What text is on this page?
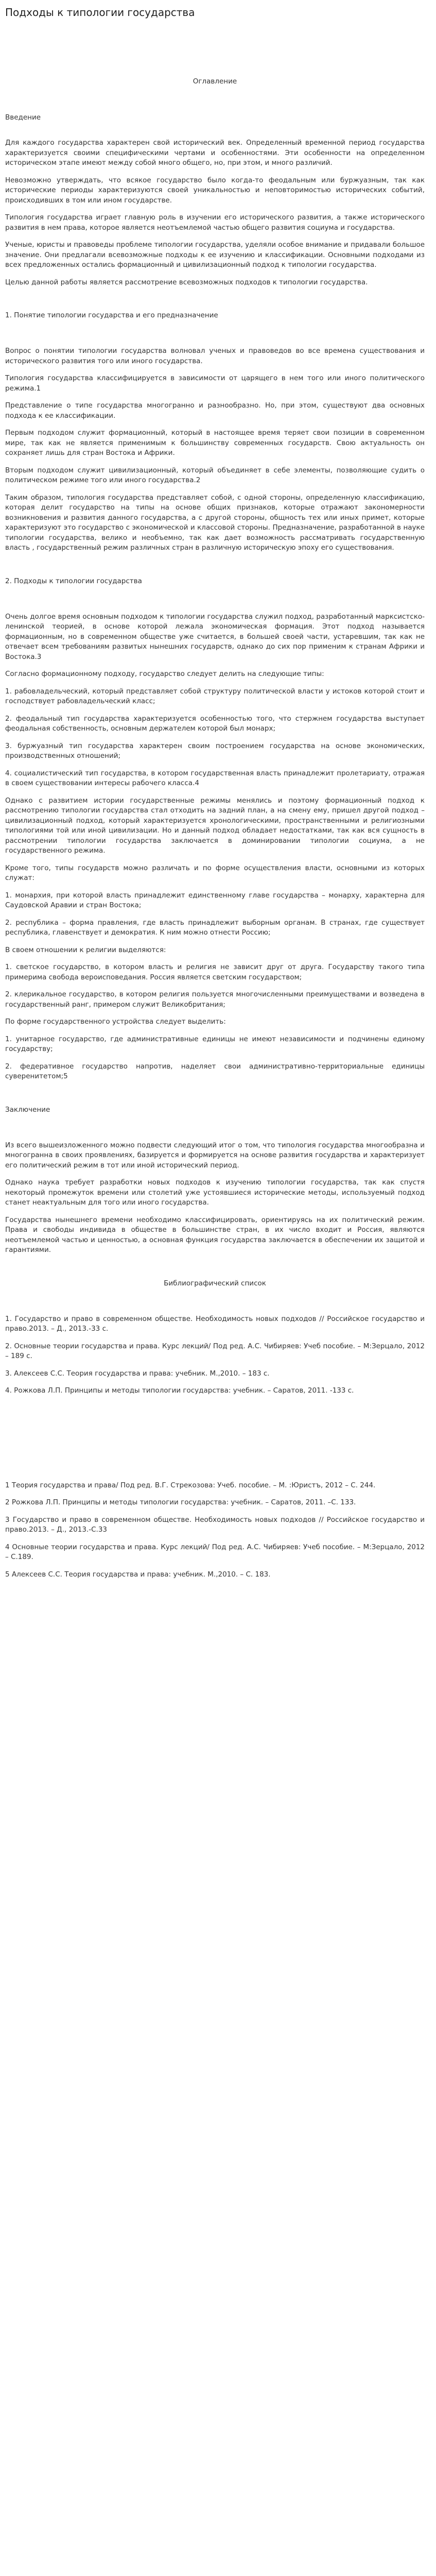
Подходы к типологии государства

Оглавление

Введение

Для каждого государства характерен свой исторический век. Определенный временной период государства характеризуется своими специфическими чертами и особенностями. Эти особенности на определенном историческом этапе имеют между собой много общего, но, при этом, и много различий.

Невозможно утверждать, что всякое государство было когда-то феодальным или буржуазным, так как исторические периоды характеризуются своей уникальностью и неповторимостью исторических событий, происходивших в том или ином государстве.

Типология государства играет главную роль в изучении его исторического развития, а также исторического развития в нем права, которое является неотъемлемой частью общего развития социума и государства.

Ученые, юристы и правоведы проблеме типологии государства, уделяли особое внимание и придавали большое значение. Они предлагали всевозможные подходы к ее изучению и классификации. Основными подходами из всех предложенных остались формационный и цивилизационный подход к типологии государства.

Целью данной работы является рассмотрение всевозможных подходов к типологии государства.

1. Понятие типологии государства и его предназначение

Вопрос о понятии типологии государства волновал ученых и правоведов во все времена существования и исторического развития того или иного государства.

Типология государства классифицируется в зависимости от царящего в нем того или иного политического режима.1

Представление о типе государства многогранно и разнообразно. Но, при этом, существуют два основных подхода к ее классификации.

Первым подходом служит формационный, который в настоящее время теряет свои позиции в современном мире, так как не является применимым к большинству современных государств. Свою актуальность он сохраняет лишь для стран Востока и Африки.

Вторым подходом служит цивилизационный, который объединяет в себе элементы, позволяющие судить о политическом режиме того или иного государства.2

Таким образом, типология государства представляет собой, с одной стороны, определенную классификацию, которая делит государство на типы на основе общих признаков, которые отражают закономерности возникновения и развития данного государства, а с другой стороны, общность тех или иных примет, которые характеризуют это государство с экономической и классовой стороны. Предназначение, разработанной в науке типологии государства, велико и необъемно, так как дает возможность рассматривать государственную власть , государственный режим различных стран в различную историческую эпоху его существования.

2. Подходы к типологии государства

Очень долгое время основным подходом к типологии государства служил подход, разработанный марксистско-ленинской теорией, в основе которой лежала экономическая формация. Этот подход называется формационным, но в современном обществе уже считается, в большей своей части, устаревшим, так как не отвечает всем требованиям развитых нынешних государств, однако до сих пор применим к странам Африки и Востока.3

Согласно формационному подходу, государство следует делить на следующие типы:

1. рабовладельческий, который представляет собой структуру политической власти у истоков которой стоит и господствует рабовладельческий класс;

2. феодальный тип государства характеризуется особенностью того, что стержнем государства выступает феодальная собственность, основным держателем которой был монарх;

3. буржуазный тип государства характерен своим построением государства на основе экономических, производственных отношений;

4. социалистический тип государства, в котором государственная власть принадлежит пролетариату, отражая в своем существовании интересы рабочего класса.4

Однако с развитием истории государственные режимы менялись и поэтому формационный подход к рассмотрению типологии государства стал отходить на задний план, а на смену ему, пришел другой подход – цивилизационный подход, который характеризуется хронологическими, пространственными и религиозными типологиями той или иной цивилизации. Но и данный подход обладает недостатками, так как вся сущность в рассмотрении типологии государства заключается в доминировании типологии социума, а не государственного режима.

Кроме того, типы государств можно различать и по форме осуществления власти, основными из которых служат:

1. монархия, при которой власть принадлежит единственному главе государства – монарху, характерна для Саудовской Аравии и стран Востока;

2. республика – форма правления, где власть принадлежит выборным органам. В странах, где существует республика, главенствует и демократия. К ним можно отнести Россию;

В своем отношении к религии выделяются:

1. светское государство, в котором власть и религия не зависит друг от друга. Государству такого типа примерима свобода вероисповедания. Россия является светским государством;

2. клерикальное государство, в котором религия пользуется многочисленными преимуществами и возведена в государственный ранг, примером служит Великобритания;

По форме государственного устройства следует выделить:

1. унитарное государство, где административные единицы не имеют независимости и подчинены единому государству;

2. федеративное государство напротив, наделяет свои административно-территориальные единицы суверенитетом;5

Заключение

Из всего вышеизложенного можно подвести следующий итог о том, что типология государства многообразна и многогранна в своих проявлениях, базируется и формируется на основе развития государства и характеризует его политический режим в тот или иной исторический период.

Однако наука требует разработки новых подходов к изучению типологии государства, так как спустя некоторый промежуток времени или столетий уже устоявшиеся исторические методы, используемый подход станет неактуальным для того или иного государства.

Государства нынешнего времени необходимо классифицировать, ориентируясь на их политический режим. Права и свободы индивида в обществе в большинстве стран, в их число входит и Россия, являются неотъемлемой частью и ценностью, а основная функция государства заключается в обеспечении их защитой и гарантиями.

Библиографический список

1. Государство и право в современном обществе. Необходимость новых подходов // Российское государство и право.2013. – Д., 2013.-33 с.

2. Основные теории государства и права. Курс лекций/ Под ред. А.С. Чибиряев: Учеб пособие. – М:Зерцало, 2012 – 189 с.

3. Алексеев С.С. Теория государства и права: учебник. М.,2010. – 183 с.

4. Рожкова Л.П. Принципы и методы типологии государства: учебник. – Саратов, 2011. -133 с.

1 Теория государства и права/ Под ред. В.Г. Стрекозова: Учеб. пособие. – М. :Юристъ, 2012 – С. 244.

2 Рожкова Л.П. Принципы и методы типологии государства: учебник. – Саратов, 2011. –С. 133.

3 Государство и право в современном обществе. Необходимость новых подходов // Российское государство и право.2013. – Д., 2013.-С.33

4 Основные теории государства и права. Курс лекций/ Под ред. А.С. Чибиряев: Учеб пособие. – М:Зерцало, 2012 – С.189.

5 Алексеев С.С. Теория государства и права: учебник. М.,2010. – С. 183.
